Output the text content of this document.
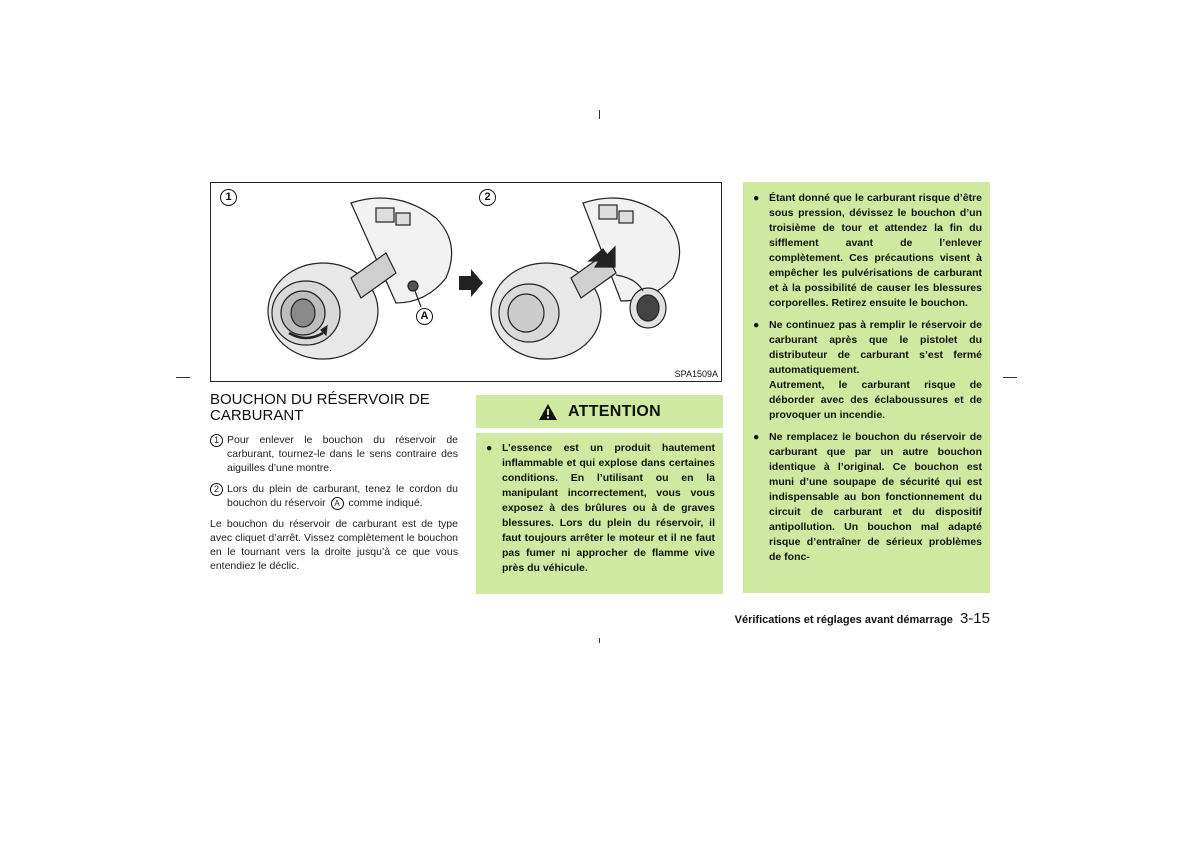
1	2
A
SPA1509A
BOUCHON DU RÉSERVOIR DE CARBURANT
1 Pour enlever le bouchon du réservoir de carburant, tournez-le dans le sens contraire des aiguilles d’une montre.
2 Lors du plein de carburant, tenez le cordon du bouchon du réservoir A comme indiqué.
Le bouchon du réservoir de carburant est de type avec cliquet d’arrêt. Vissez complètement le bouchon en le tournant vers la droite jusqu’à ce que vous entendiez le déclic.
ATTENTION
● L’essence est un produit hautement inflammable et qui explose dans certaines conditions. En l’utilisant ou en la manipulant incorrectement, vous vous exposez à des brûlures ou à de graves blessures. Lors du plein du réservoir, il faut toujours arrêter le moteur et il ne faut pas fumer ni approcher de flamme vive près du véhicule.
● Étant donné que le carburant risque d’être sous pression, dévissez le bouchon d’un troisième de tour et attendez la fin du sifflement avant de l’enlever complètement. Ces précautions visent à empêcher les pulvérisations de carburant et à la possibilité de causer les blessures corporelles. Retirez ensuite le bouchon.
● Ne continuez pas à remplir le réservoir de carburant après que le pistolet du distributeur de carburant s’est fermé automatiquement.
Autrement, le carburant risque de déborder avec des éclaboussures et de provoquer un incendie.
● Ne remplacez le bouchon du réservoir de carburant que par un autre bouchon identique à l’original. Ce bouchon est muni d’une soupape de sécurité qui est indispensable au bon fonctionnement du circuit de carburant et du dispositif antipollution. Un bouchon mal adapté risque d’entraîner de sérieux problèmes de fonc-
Vérifications et réglages avant démarrage 3-15
